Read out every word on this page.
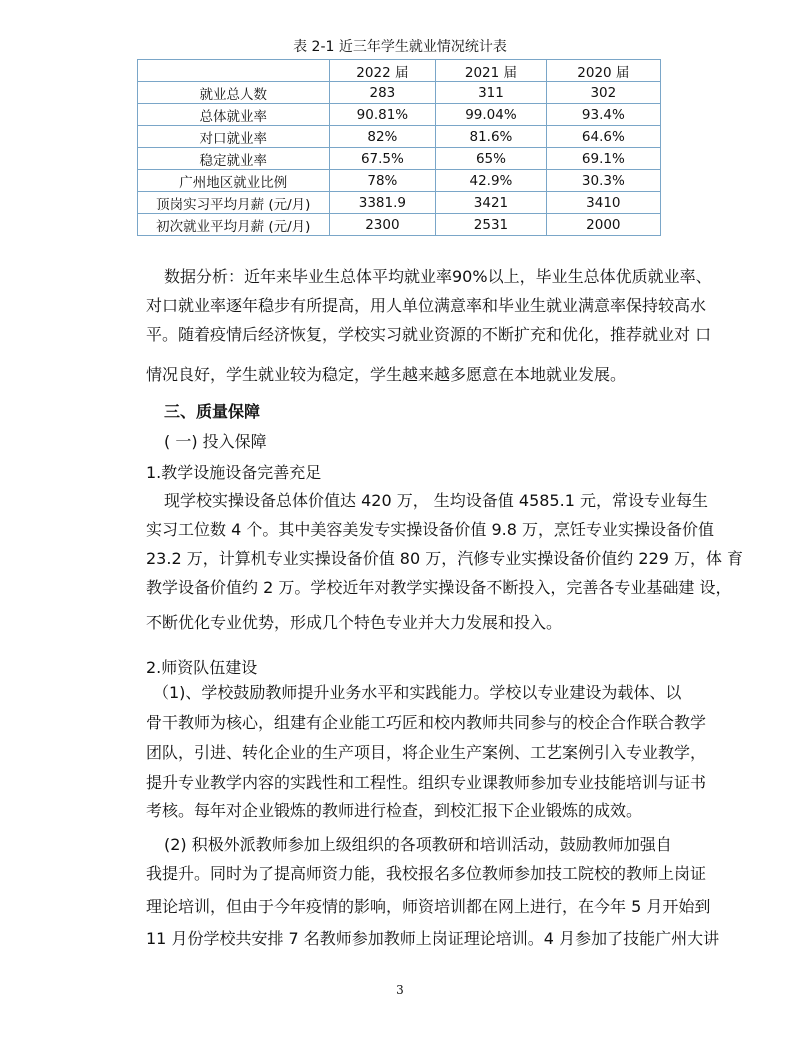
表 2-1 近三年学生就业情况统计表
	2022 届	2021 届	2020 届
就业总人数	283	311	302
总体就业率	90.81%	99.04%	93.4%
对口就业率	82%	81.6%	64.6%
稳定就业率	67.5%	65%	69.1%
广州地区就业比例	78%	42.9%	30.3%
顶岗实习平均月薪 (元/月)	3381.9	3421	3410
初次就业平均月薪 (元/月)	2300	2531	2000
数据分析：近年来毕业生总体平均就业率90%以上，毕业生总体优质就业率、
对口就业率逐年稳步有所提高，用人单位满意率和毕业生就业满意率保持较高水
平。随着疫情后经济恢复，学校实习就业资源的不断扩充和优化，推荐就业对 口
情况良好，学生就业较为稳定，学生越来越多愿意在本地就业发展。
三、质量保障
( 一) 投入保障
1.教学设施设备完善充足
现学校实操设备总体价值达 420 万， 生均设备值 4585.1 元，常设专业每生
实习工位数 4 个。其中美容美发专实操设备价值 9.8 万，烹饪专业实操设备价值
23.2 万，计算机专业实操设备价值 80 万，汽修专业实操设备价值约 229 万，体 育
教学设备价值约 2 万。学校近年对教学实操设备不断投入，完善各专业基础建 设，
不断优化专业优势，形成几个特色专业并大力发展和投入。
2.师资队伍建设
（1)、学校鼓励教师提升业务水平和实践能力。学校以专业建设为载体、以
骨干教师为核心，组建有企业能工巧匠和校内教师共同参与的校企合作联合教学
团队，引进、转化企业的生产项目，将企业生产案例、工艺案例引入专业教学，
提升专业教学内容的实践性和工程性。组织专业课教师参加专业技能培训与证书
考核。每年对企业锻炼的教师进行检查，到校汇报下企业锻炼的成效。
(2) 积极外派教师参加上级组织的各项教研和培训活动，鼓励教师加强自
我提升。同时为了提高师资力能，我校报名多位教师参加技工院校的教师上岗证
理论培训，但由于今年疫情的影响，师资培训都在网上进行，在今年 5 月开始到
11 月份学校共安排 7 名教师参加教师上岗证理论培训。4 月参加了技能广州大讲
3
